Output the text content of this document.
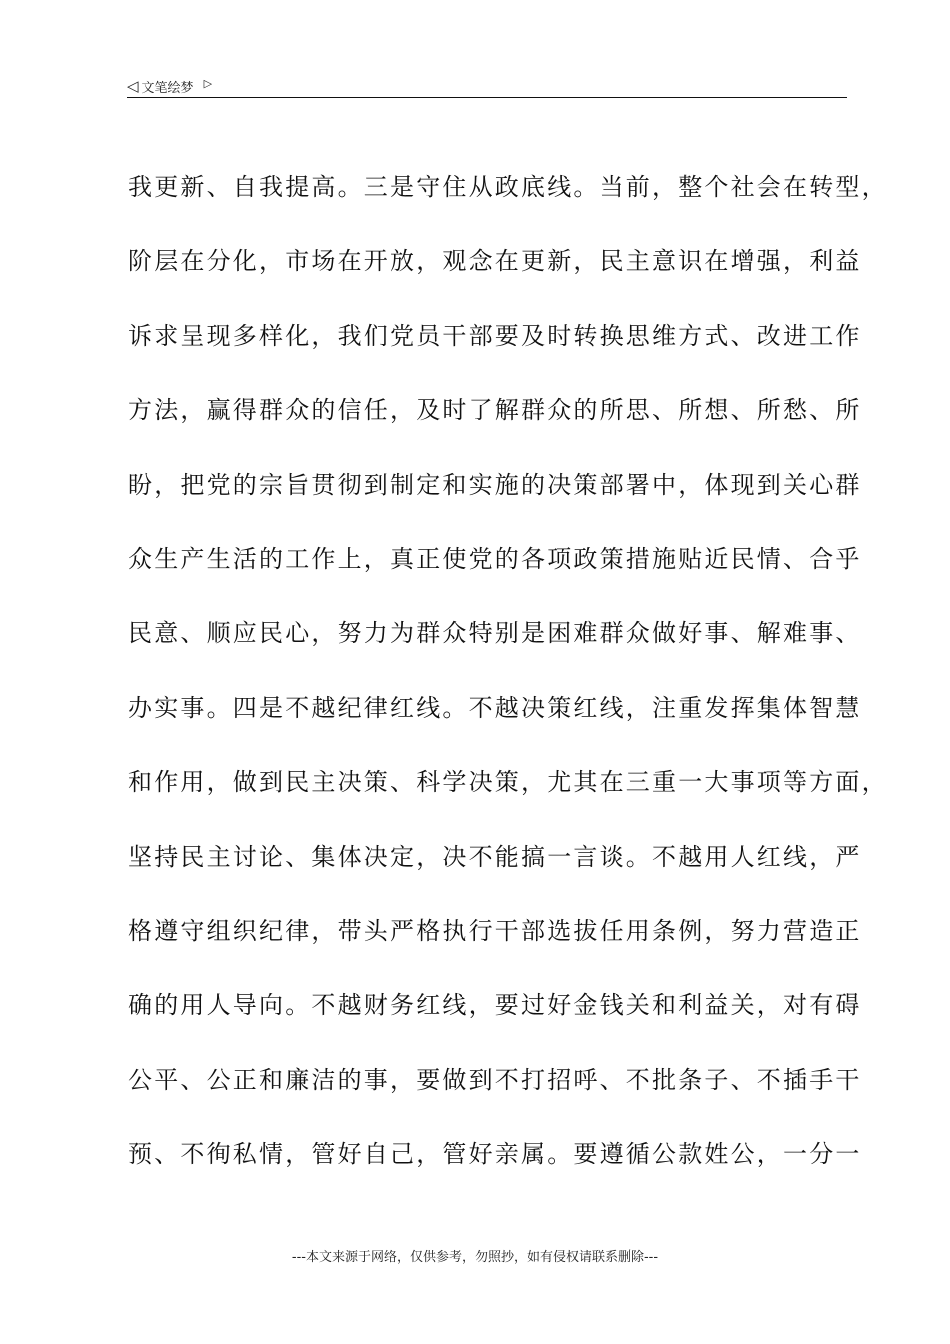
◁ 文笔绘梦 ▷
我更新、自我提高。三是守住从政底线。当前，整个社会在转型，
阶层在分化，市场在开放，观念在更新，民主意识在增强，利益
诉求呈现多样化，我们党员干部要及时转换思维方式、改进工作
方法，赢得群众的信任，及时了解群众的所思、所想、所愁、所
盼，把党的宗旨贯彻到制定和实施的决策部署中，体现到关心群
众生产生活的工作上，真正使党的各项政策措施贴近民情、合乎
民意、顺应民心，努力为群众特别是困难群众做好事、解难事、
办实事。四是不越纪律红线。不越决策红线，注重发挥集体智慧
和作用，做到民主决策、科学决策，尤其在三重一大事项等方面，
坚持民主讨论、集体决定，决不能搞一言谈。不越用人红线，严
格遵守组织纪律，带头严格执行干部选拔任用条例，努力营造正
确的用人导向。不越财务红线，要过好金钱关和利益关，对有碍
公平、公正和廉洁的事，要做到不打招呼、不批条子、不插手干
预、不徇私情，管好自己，管好亲属。要遵循公款姓公，一分一
---本文来源于网络，仅供参考，勿照抄，如有侵权请联系删除---
